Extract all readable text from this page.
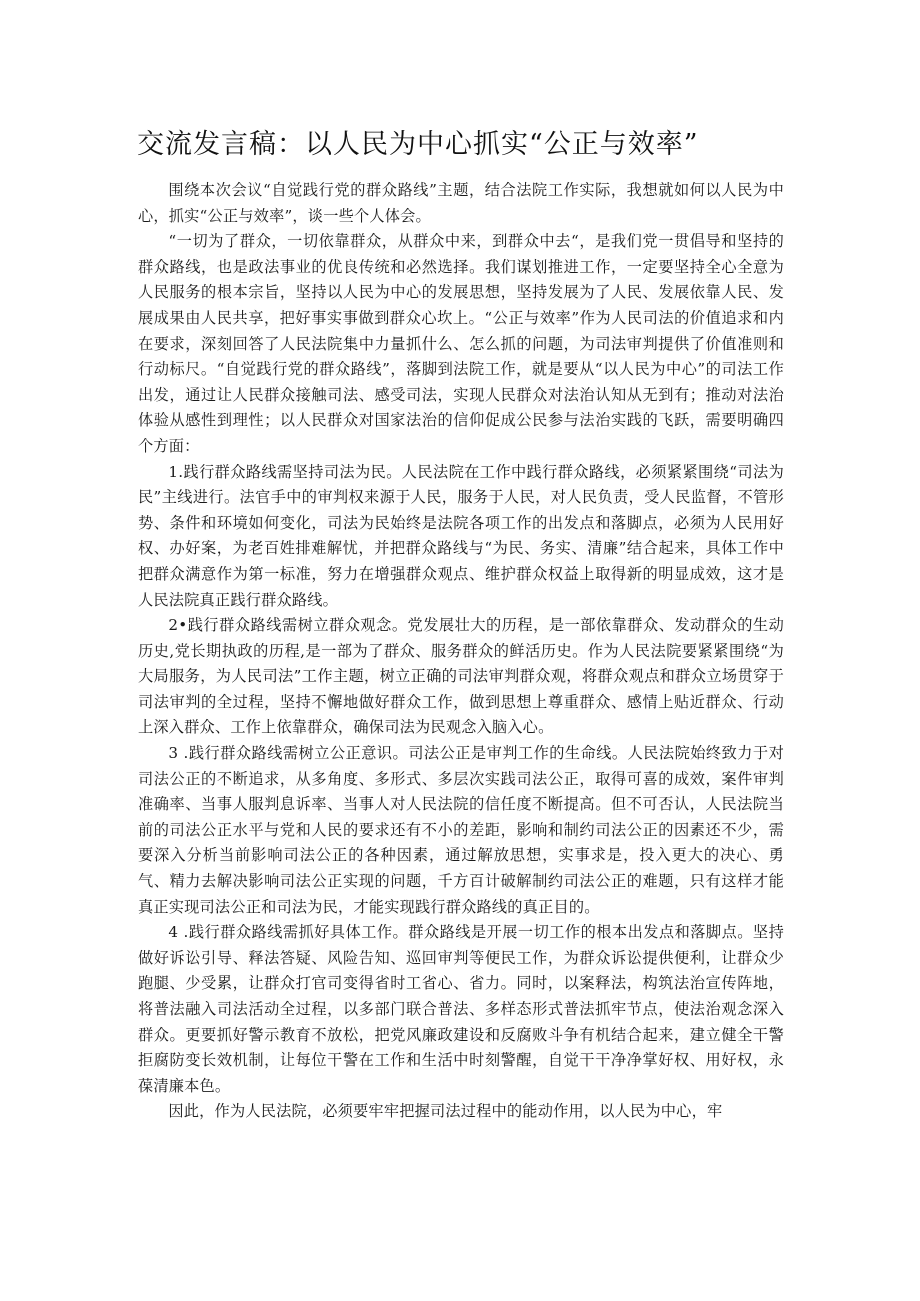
交流发言稿：以人民为中心抓实“公正与效率”

围绕本次会议“自觉践行党的群众路线”主题，结合法院工作实际，我想就如何以人民为中心，抓实“公正与效率”，谈一些个人体会。

“一切为了群众，一切依靠群众，从群众中来，到群众中去“，是我们党一贯倡导和坚持的群众路线，也是政法事业的优良传统和必然选择。我们谋划推进工作，一定要坚持全心全意为人民服务的根本宗旨，坚持以人民为中心的发展思想，坚持发展为了人民、发展依靠人民、发展成果由人民共享，把好事实事做到群众心坎上。“公正与效率”作为人民司法的价值追求和内在要求，深刻回答了人民法院集中力量抓什么、怎么抓的问题，为司法审判提供了价值准则和行动标尺。“自觉践行党的群众路线”，落脚到法院工作，就是要从“以人民为中心”的司法工作出发，通过让人民群众接触司法、感受司法，实现人民群众对法治认知从无到有；推动对法治体验从感性到理性；以人民群众对国家法治的信仰促成公民参与法治实践的飞跃，需要明确四个方面：

1.践行群众路线需坚持司法为民。人民法院在工作中践行群众路线，必须紧紧围绕“司法为民”主线进行。法官手中的审判权来源于人民，服务于人民，对人民负责，受人民监督，不管形势、条件和环境如何变化，司法为民始终是法院各项工作的出发点和落脚点，必须为人民用好权、办好案，为老百姓排难解忧，并把群众路线与“为民、务实、清廉”结合起来，具体工作中把群众满意作为第一标准，努力在增强群众观点、维护群众权益上取得新的明显成效，这才是人民法院真正践行群众路线。

2•践行群众路线需树立群众观念。党发展壮大的历程，是一部依靠群众、发动群众的生动历史,党长期执政的历程,是一部为了群众、服务群众的鲜活历史。作为人民法院要紧紧围绕“为大局服务，为人民司法”工作主题，树立正确的司法审判群众观，将群众观点和群众立场贯穿于司法审判的全过程，坚持不懈地做好群众工作，做到思想上尊重群众、感情上贴近群众、行动上深入群众、工作上依靠群众，确保司法为民观念入脑入心。

3 .践行群众路线需树立公正意识。司法公正是审判工作的生命线。人民法院始终致力于对司法公正的不断追求，从多角度、多形式、多层次实践司法公正，取得可喜的成效，案件审判准确率、当事人服判息诉率、当事人对人民法院的信任度不断提高。但不可否认，人民法院当前的司法公正水平与党和人民的要求还有不小的差距，影响和制约司法公正的因素还不少，需要深入分析当前影响司法公正的各种因素，通过解放思想，实事求是，投入更大的决心、勇气、精力去解决影响司法公正实现的问题，千方百计破解制约司法公正的难题，只有这样才能真正实现司法公正和司法为民，才能实现践行群众路线的真正目的。

4 .践行群众路线需抓好具体工作。群众路线是开展一切工作的根本出发点和落脚点。坚持做好诉讼引导、释法答疑、风险告知、巡回审判等便民工作，为群众诉讼提供便利，让群众少跑腿、少受累，让群众打官司变得省时工省心、省力。同时，以案释法，构筑法治宣传阵地，将普法融入司法活动全过程，以多部门联合普法、多样态形式普法抓牢节点，使法治观念深入群众。更要抓好警示教育不放松，把党风廉政建设和反腐败斗争有机结合起来，建立健全干警拒腐防变长效机制，让每位干警在工作和生活中时刻警醒，自觉干干净净掌好权、用好权，永葆清廉本色。

因此，作为人民法院，必须要牢牢把握司法过程中的能动作用，以人民为中心，牢
